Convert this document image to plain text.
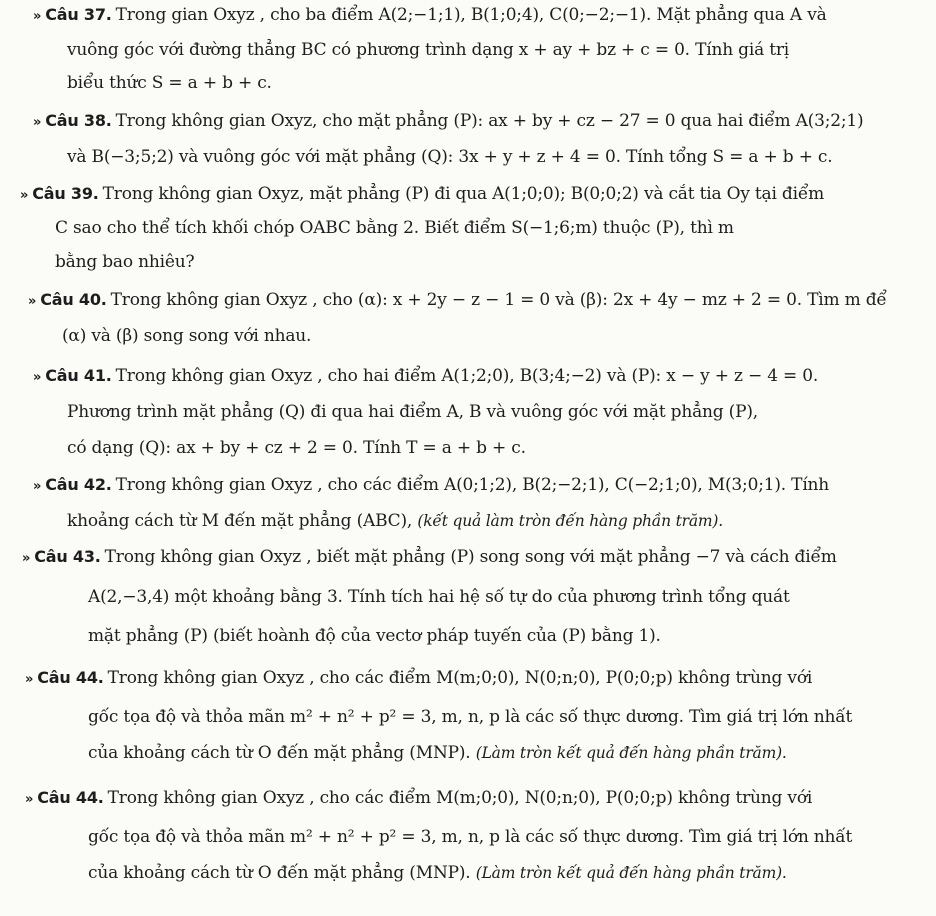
» Câu 37. Trong gian Oxyz , cho ba điểm A(2;−1;1), B(1;0;4), C(0;−2;−1). Mặt phẳng qua A và
vuông góc với đường thẳng BC có phương trình dạng x + ay + bz + c = 0. Tính giá trị
biểu thức S = a + b + c.
» Câu 38. Trong không gian Oxyz, cho mặt phẳng (P): ax + by + cz − 27 = 0 qua hai điểm A(3;2;1)
và B(−3;5;2) và vuông góc với mặt phẳng (Q): 3x + y + z + 4 = 0. Tính tổng S = a + b + c.
» Câu 39. Trong không gian Oxyz, mặt phẳng (P) đi qua A(1;0;0); B(0;0;2) và cắt tia Oy tại điểm
C sao cho thể tích khối chóp OABC bằng 2. Biết điểm S(−1;6;m) thuộc (P), thì m
bằng bao nhiêu?
» Câu 40. Trong không gian Oxyz , cho (α): x + 2y − z − 1 = 0 và (β): 2x + 4y − mz + 2 = 0. Tìm m để
(α) và (β) song song với nhau.
» Câu 41. Trong không gian Oxyz , cho hai điểm A(1;2;0), B(3;4;−2) và (P): x − y + z − 4 = 0.
Phương trình mặt phẳng (Q) đi qua hai điểm A, B và vuông góc với mặt phẳng (P),
có dạng (Q): ax + by + cz + 2 = 0. Tính T = a + b + c.
» Câu 42. Trong không gian Oxyz , cho các điểm A(0;1;2), B(2;−2;1), C(−2;1;0), M(3;0;1). Tính
khoảng cách từ M đến mặt phẳng (ABC), (kết quả làm tròn đến hàng phần trăm).
» Câu 43. Trong không gian Oxyz , biết mặt phẳng (P) song song với mặt phẳng −7 và cách điểm
A(2,−3,4) một khoảng bằng 3. Tính tích hai hệ số tự do của phương trình tổng quát
mặt phẳng (P) (biết hoành độ của vectơ pháp tuyến của (P) bằng 1).
» Câu 44. Trong không gian Oxyz , cho các điểm M(m;0;0), N(0;n;0), P(0;0;p) không trùng với
gốc tọa độ và thỏa mãn m² + n² + p² = 3, m, n, p là các số thực dương. Tìm giá trị lớn nhất
của khoảng cách từ O đến mặt phẳng (MNP). (Làm tròn kết quả đến hàng phần trăm).
» Câu 44. Trong không gian Oxyz , cho các điểm M(m;0;0), N(0;n;0), P(0;0;p) không trùng với
gốc tọa độ và thỏa mãn m² + n² + p² = 3, m, n, p là các số thực dương. Tìm giá trị lớn nhất
của khoảng cách từ O đến mặt phẳng (MNP). (Làm tròn kết quả đến hàng phần trăm).
